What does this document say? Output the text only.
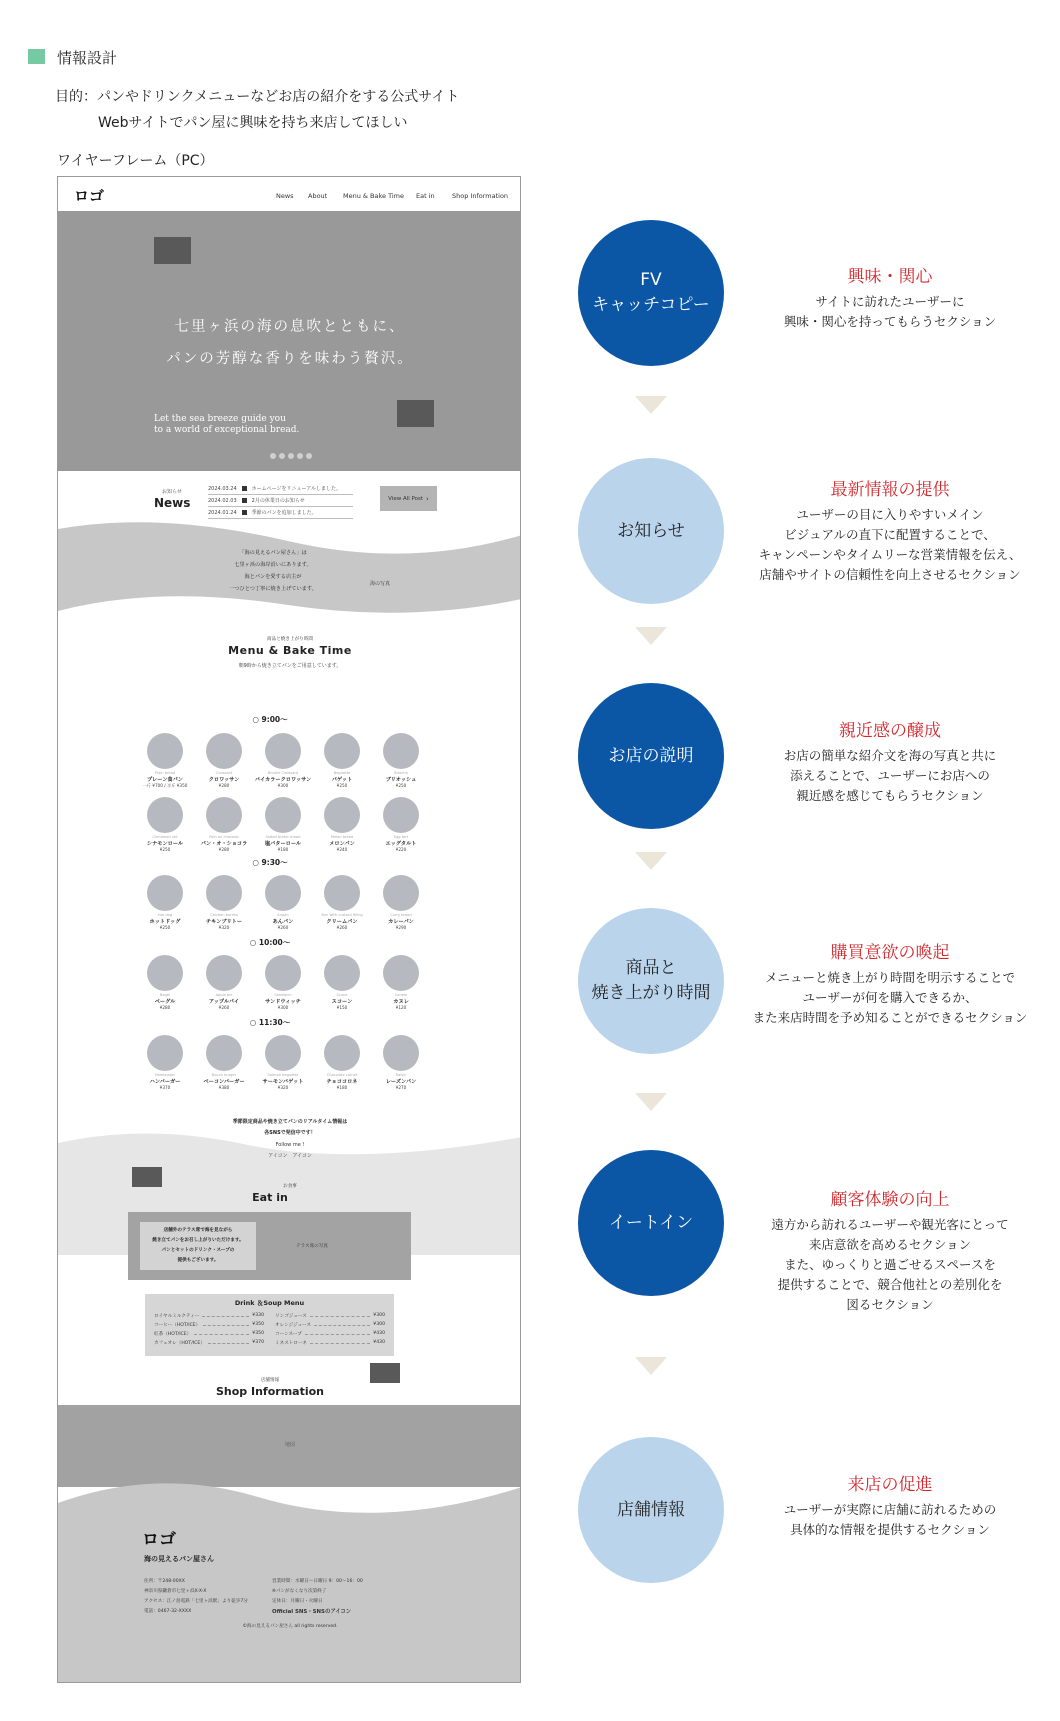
情報設計
目的：パンやドリンクメニューなどお店の紹介をする公式サイト
Webサイトでパン屋に興味を持ち来店してほしい
ワイヤーフレーム（PC）
ロゴ	News About Menu & Bake Time Eat in	Shop Information
七里ヶ浜の海の息吹とともに、
パンの芳醇な香りを味わう贅沢。
Let the sea breeze guide you
to a world of exceptional bread.
お知らせ
News
2024.03.24	ホームページをリニューアルしました。
2024.02.03	2月の休業日のお知らせ
2024.01.24	季節のパンを追加しました。
View All Post ›
「海の見えるパン屋さん」は
七里ヶ浜の海岸沿いにあります。
海とパンを愛する店主が
一つひとつ丁寧に焼き上げています。
海の写真
商品と焼き上がり時間
Menu & Bake Time
朝9時から焼き立てパンをご用意しています。
○ 9:00～
Plain bread
プレーン食パン
一斤 ¥700 / 半斤 ¥350
Croissant
クロワッサン
¥280
Bicolor Croissant
バイカラークロワッサン
¥300
Baguette
バゲット
¥250
Brioche
ブリオッシュ
¥250
Cinnamon roll
シナモンロール
¥250
Pain au chocolat
パン・オ・ショコラ
¥280
Salted butter bread
塩バターロール
¥180
Melon bread
メロンパン
¥240
Egg tart
エッグタルト
¥220
○ 9:30～
Hot dog
ホットドッグ
¥250
Chicken burrito
チキンブリトー
¥320
Anpan
あんパン
¥260
Bun with custard filling
クリームパン
¥260
Curry bread
カレーパン
¥290
○ 10:00～
Bagel
ベーグル
¥280
Apple pie
アップルパイ
¥260
Sandwich
サンドウィッチ
¥300
Scone
スコーン
¥150
Canele
カヌレ
¥120
○ 11:30～
Hamburger
ハンバーガー
¥370
Bacon burger
ベーコンバーガー
¥380
Salmon baguette
サーモンバゲット
¥320
Chocolate cornet
チョココロネ
¥180
Raisin
レーズンパン
¥270
季節限定商品や焼き立てパンのリアルタイム情報は
各SNSで発信中です！
Follow me !
アイコン　アイコン
お食事
Eat in
店舗外のテラス席で海を見ながら
焼き立てパンをお召し上がりいただけます。
パンとセットのドリンク・スープの
提供もございます。
テラス席の写真
Drink ＆Soup Menu
ロイヤルミルクティー	¥330
コーヒー（HOT/ICE）	¥350
紅茶（HOT/ICE）	¥350
カフェオレ（HOT/ICE）	¥370
リンゴジュース	¥300
オレンジジュース	¥300
コーンスープ	¥430
ミネストローネ	¥430
店舗情報
Shop Information
地図
ロゴ
海の見えるパン屋さん
住所：〒248-00XX
神奈川県鎌倉市七里ヶ浜X-X-X
アクセス：江ノ島電鉄「七里ヶ浜駅」より徒歩7分
電話：0467-32-XXXX
営業時間：水曜日～日曜日 9：00～16：00
※パンがなくなり次第終了
定休日：月曜日・火曜日
Official SNS・SNSのアイコン
©海の見えるパン屋さん all rights reserved.
FV
キャッチコピー
興味・関心
サイトに訪れたユーザーに
興味・関心を持ってもらうセクション
お知らせ
最新情報の提供
ユーザーの目に入りやすいメイン
ビジュアルの直下に配置することで、
キャンペーンやタイムリーな営業情報を伝え、
店舗やサイトの信頼性を向上させるセクション
お店の説明
親近感の醸成
お店の簡単な紹介文を海の写真と共に
添えることで、ユーザーにお店への
親近感を感じてもらうセクション
商品と
焼き上がり時間
購買意欲の喚起
メニューと焼き上がり時間を明示することで
ユーザーが何を購入できるか、
また来店時間を予め知ることができるセクション
イートイン
顧客体験の向上
遠方から訪れるユーザーや観光客にとって
来店意欲を高めるセクション
また、ゆっくりと過ごせるスペースを
提供することで、競合他社との差別化を
図るセクション
店舗情報
来店の促進
ユーザーが実際に店舗に訪れるための
具体的な情報を提供するセクション
